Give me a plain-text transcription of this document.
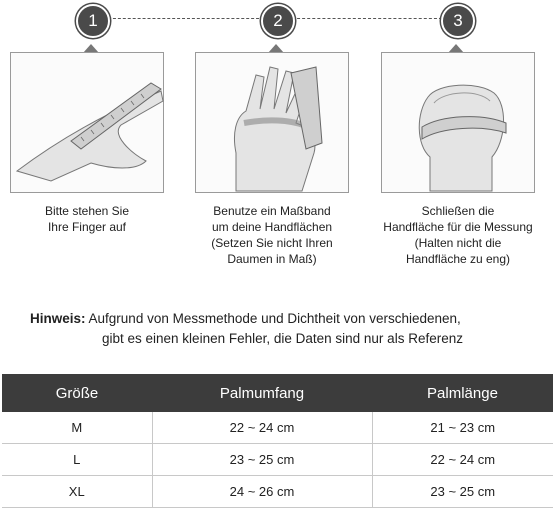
1
Bitte stehen Sie
Ihre Finger auf
2
Benutze ein Maßband
um deine Handflächen
(Setzen Sie nicht Ihren
Daumen in Maß)
3
Schließen die
Handfläche für die Messung
(Halten nicht die
Handfläche zu eng)
Hinweis: Aufgrund von Messmethode und Dichtheit von verschiedenen,
gibt es einen kleinen Fehler, die Daten sind nur als Referenz
Größe	Palmumfang	Palmlänge
M	22 ~ 24 cm	21 ~ 23 cm
L	23 ~ 25 cm	22 ~ 24 cm
XL	24 ~ 26 cm	23 ~ 25 cm
